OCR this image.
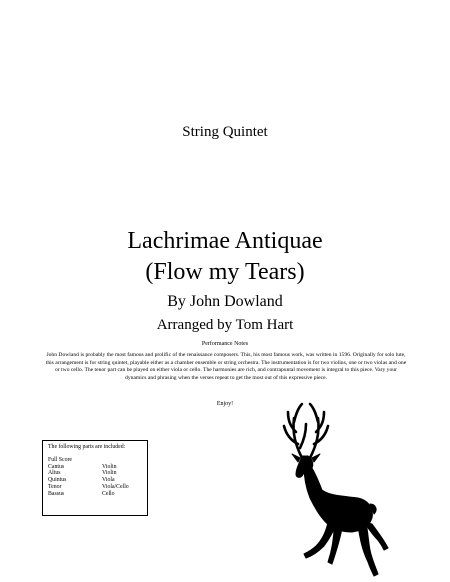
String Quintet
Lachrimae Antiquae
(Flow my Tears)
By John Dowland
Arranged by Tom Hart
Performance Notes
John Dowland is probably the most famous and prolific of the renaissance composers. This, his most famous work, was written in 1596. Originally for solo lute, this arrangement is for string quintet, playable either as a chamber ensemble or string orchestra. The instrumentation is for two violins, one or two violas and one or two cello. The tenor part can be played on either viola or cello. The harmonies are rich, and contrapuntal movement is integral to this piece. Vary your dynamics and phrasing when the verses repeat to get the most out of this expressive piece.
Enjoy!
The following parts are included:
Full Score
Cantus	Violin
Altus	Violin
Quintus	Viola
Tenor	Viola/Cello
Bassus	Cello
